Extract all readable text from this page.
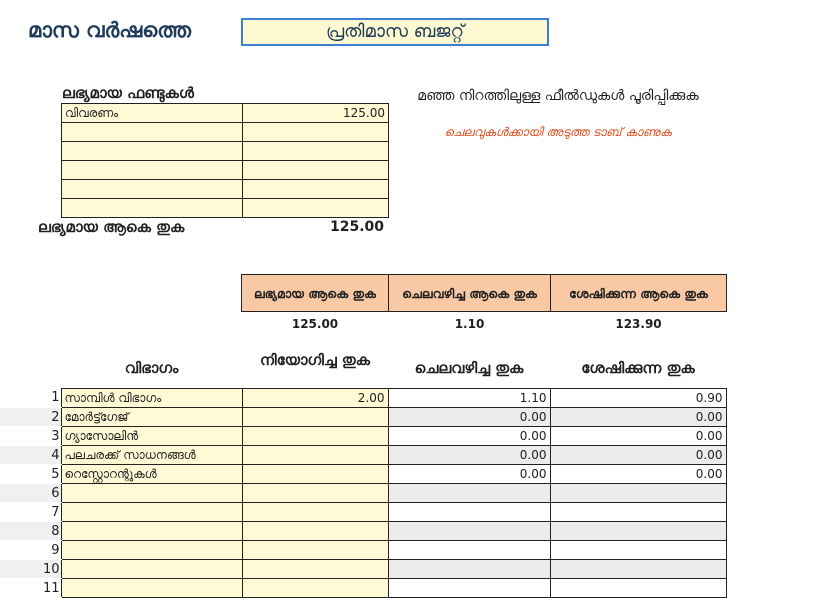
മാസ വർഷത്തെ	പ്രതിമാസ ബജറ്റ്
ലഭ്യമായ ഫണ്ടുകൾ
വിവരണം	125.00

ലഭ്യമായ ആകെ തുക	125.00
മഞ്ഞ നിറത്തിലുള്ള ഫീൽഡുകൾ പൂരിപ്പിക്കുക
ചെലവുകൾക്കായി അടുത്ത ടാബ് കാണുക
ലഭ്യമായ ആകെ തുക	ചെലവഴിച്ച ആകെ തുക	ശേഷിക്കുന്ന ആകെ തുക
125.00	1.10	123.90
വിഭാഗം	നിയോഗിച്ച തുക	ചെലവഴിച്ച തുക	ശേഷിക്കുന്ന തുക
1	സാമ്പിൾ വിഭാഗം	2.00	1.10	0.90
2	മോർട്ട്ഗേജ്		0.00	0.00
3	ഗ്യാസോലിൻ		0.00	0.00
4	പലചരക്ക് സാധനങ്ങൾ		0.00	0.00
5	റെസ്റ്റോറന്റുകൾ		0.00	0.00
6				
7				
8				
9				
10				
11				
